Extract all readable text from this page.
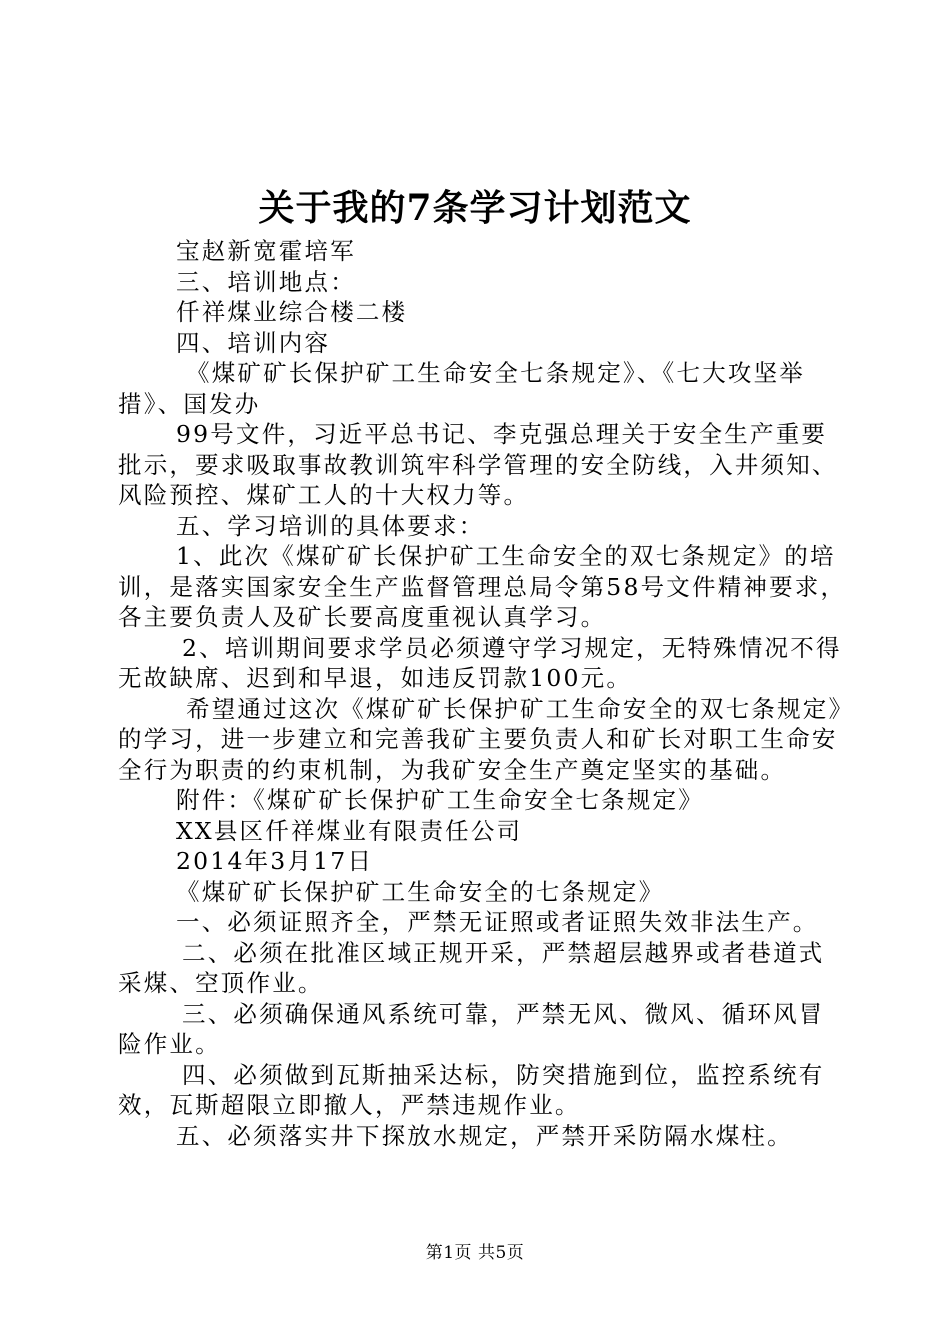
关于我的7条学习计划范文

宝赵新宽霍培军

三、培训地点：

仟祥煤业综合楼二楼

四、培训内容

《煤矿矿长保护矿工生命安全七条规定》、《七大攻坚举措》、国发办

99号文件，习近平总书记、李克强总理关于安全生产重要批示，要求吸取事故教训筑牢科学管理的安全防线，入井须知、风险预控、煤矿工人的十大权力等。

五、学习培训的具体要求：

1、此次《煤矿矿长保护矿工生命安全的双七条规定》的培训，是落实国家安全生产监督管理总局令第58号文件精神要求，各主要负责人及矿长要高度重视认真学习。

2、培训期间要求学员必须遵守学习规定，无特殊情况不得无故缺席、迟到和早退，如违反罚款100元。

希望通过这次《煤矿矿长保护矿工生命安全的双七条规定》的学习，进一步建立和完善我矿主要负责人和矿长对职工生命安全行为职责的约束机制，为我矿安全生产奠定坚实的基础。

附件：《煤矿矿长保护矿工生命安全七条规定》

XX县区仟祥煤业有限责任公司

2014年3月17日

《煤矿矿长保护矿工生命安全的七条规定》

一、必须证照齐全，严禁无证照或者证照失效非法生产。

二、必须在批准区域正规开采，严禁超层越界或者巷道式采煤、空顶作业。

三、必须确保通风系统可靠，严禁无风、微风、循环风冒险作业。

四、必须做到瓦斯抽采达标，防突措施到位，监控系统有效，瓦斯超限立即撤人，严禁违规作业。

五、必须落实井下探放水规定，严禁开采防隔水煤柱。

第1页 共5页
